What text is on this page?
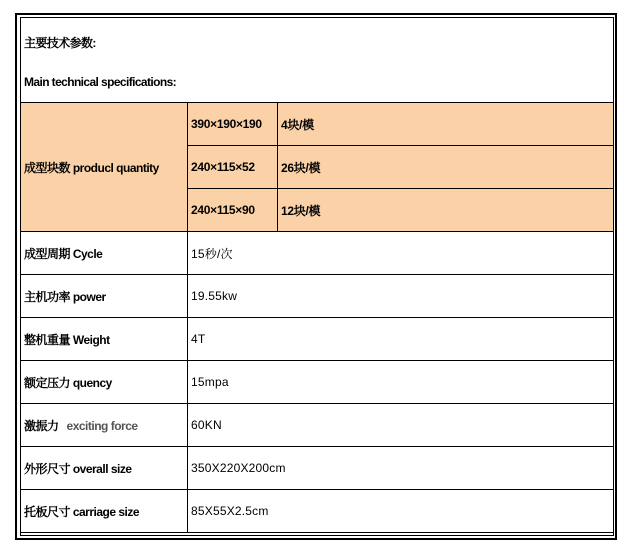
主要技术参数:
Main technical specifications:
成型块数 producl quantity	390×190×190	4块/模
	240×115×52	26块/模
	240×115×90	12块/模
成型周期 Cycle	15秒/次	
主机功率 power	19.55kw	
整机重量 Weight	4T	
额定压力 quency	15mpa	
激振力 exciting force	60KN	
外形尺寸 overall size	350X220X200cm	
托板尺寸 carriage size	85X55X2.5cm	
